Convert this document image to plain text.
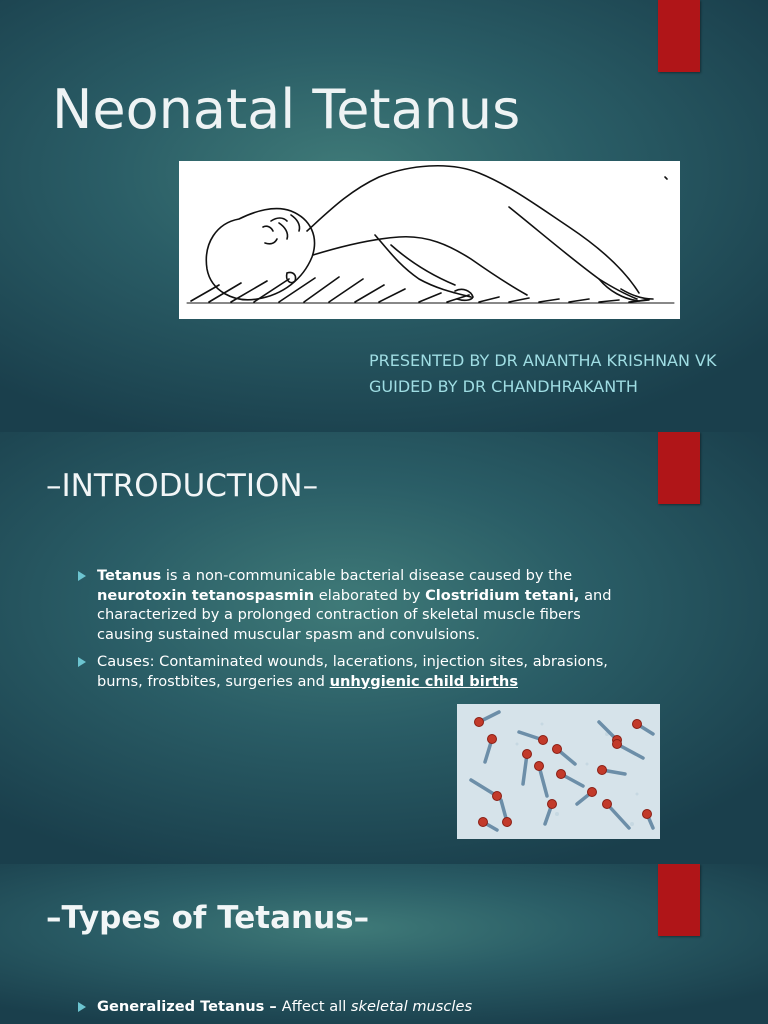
Neonatal Tetanus
PRESENTED BY DR ANANTHA KRISHNAN VK
GUIDED BY DR CHANDHRAKANTH
–INTRODUCTION–
Tetanus is a non-communicable bacterial disease caused by the neurotoxin tetanospasmin elaborated by Clostridium tetani, and characterized by a prolonged contraction of skeletal muscle fibers causing sustained muscular spasm and convulsions.
Causes: Contaminated wounds, lacerations, injection sites, abrasions, burns, frostbites, surgeries and unhygienic child births
–Types of Tetanus–
Generalized Tetanus – Affect all skeletal muscles
